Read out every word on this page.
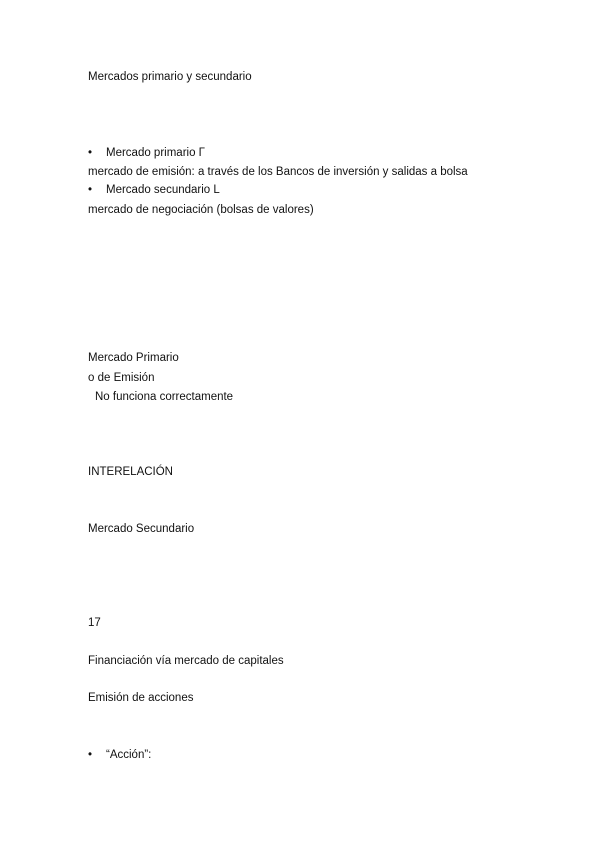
Mercados primario y secundario
•	Mercado primario Γ
mercado de emisión: a través de los Bancos de inversión y salidas a bolsa
•	Mercado secundario L
mercado de negociación (bolsas de valores)
Mercado Primario
o de Emisión
No funciona correctamente
INTERELACIÓN
Mercado Secundario
17
Financiación vía mercado de capitales
Emisión de acciones
•	“Acción”:
